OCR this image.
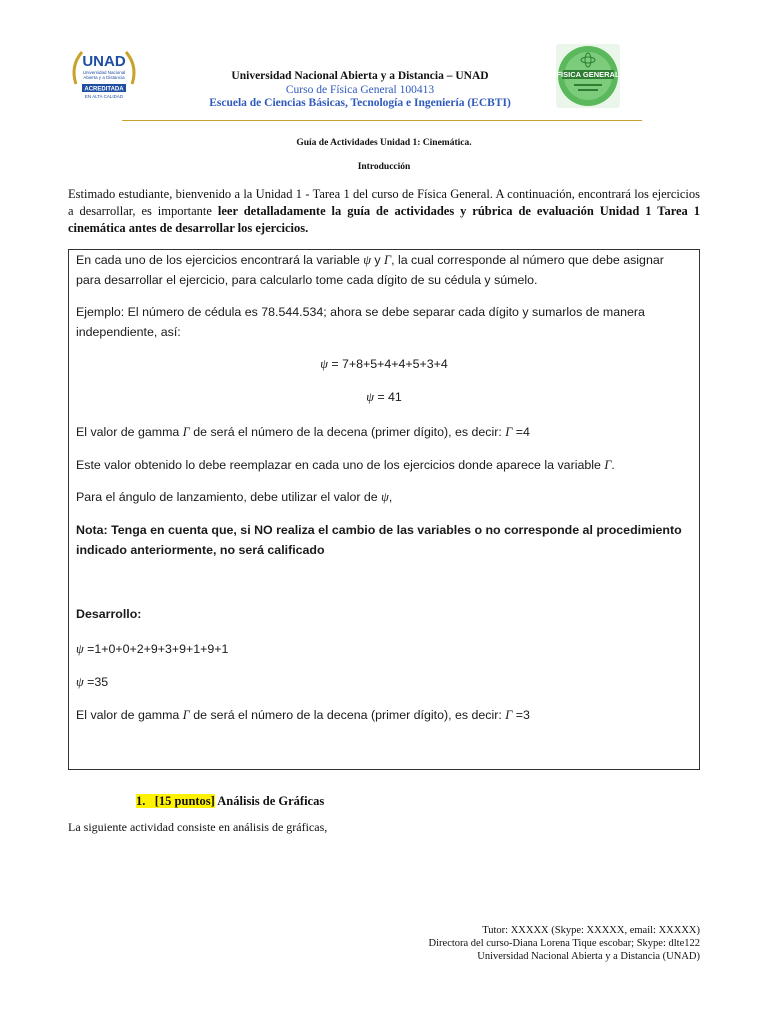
UNAD
Universidad Nacional
Abierta y a Distancia
ACREDITADA
EN ALTA CALIDAD
FÍSICA GENERAL
Universidad Nacional Abierta y a Distancia – UNAD
Curso de Física General 100413
Escuela de Ciencias Básicas, Tecnología e Ingeniería (ECBTI)
Guía de Actividades Unidad 1: Cinemática.
Introducción
Estimado estudiante, bienvenido a la Unidad 1 - Tarea 1 del curso de Física General. A continuación, encontrará los ejercicios a desarrollar, es importante leer detalladamente la guía de actividades y rúbrica de evaluación Unidad 1 Tarea 1 cinemática antes de desarrollar los ejercicios.
En cada uno de los ejercicios encontrará la variable ψ y Γ, la cual corresponde al número que debe asignar para desarrollar el ejercicio, para calcularlo tome cada dígito de su cédula y súmelo.
Ejemplo: El número de cédula es 78.544.534; ahora se debe separar cada dígito y sumarlos de manera independiente, así:
ψ = 7+8+5+4+4+5+3+4
ψ = 41
El valor de gamma Γ de será el número de la decena (primer dígito), es decir: Γ =4
Este valor obtenido lo debe reemplazar en cada uno de los ejercicios donde aparece la variable Γ.
Para el ángulo de lanzamiento, debe utilizar el valor de ψ,
Nota: Tenga en cuenta que, si NO realiza el cambio de las variables o no corresponde al procedimiento indicado anteriormente, no será calificado
Desarrollo:
ψ =1+0+0+2+9+3+9+1+9+1
ψ =35
El valor de gamma Γ de será el número de la decena (primer dígito), es decir: Γ =3
1. [15 puntos] Análisis de Gráficas
La siguiente actividad consiste en análisis de gráficas,
Tutor: XXXXX (Skype: XXXXX, email: XXXXX)
Directora del curso-Diana Lorena Tique escobar; Skype: dlte122
Universidad Nacional Abierta y a Distancia (UNAD)
